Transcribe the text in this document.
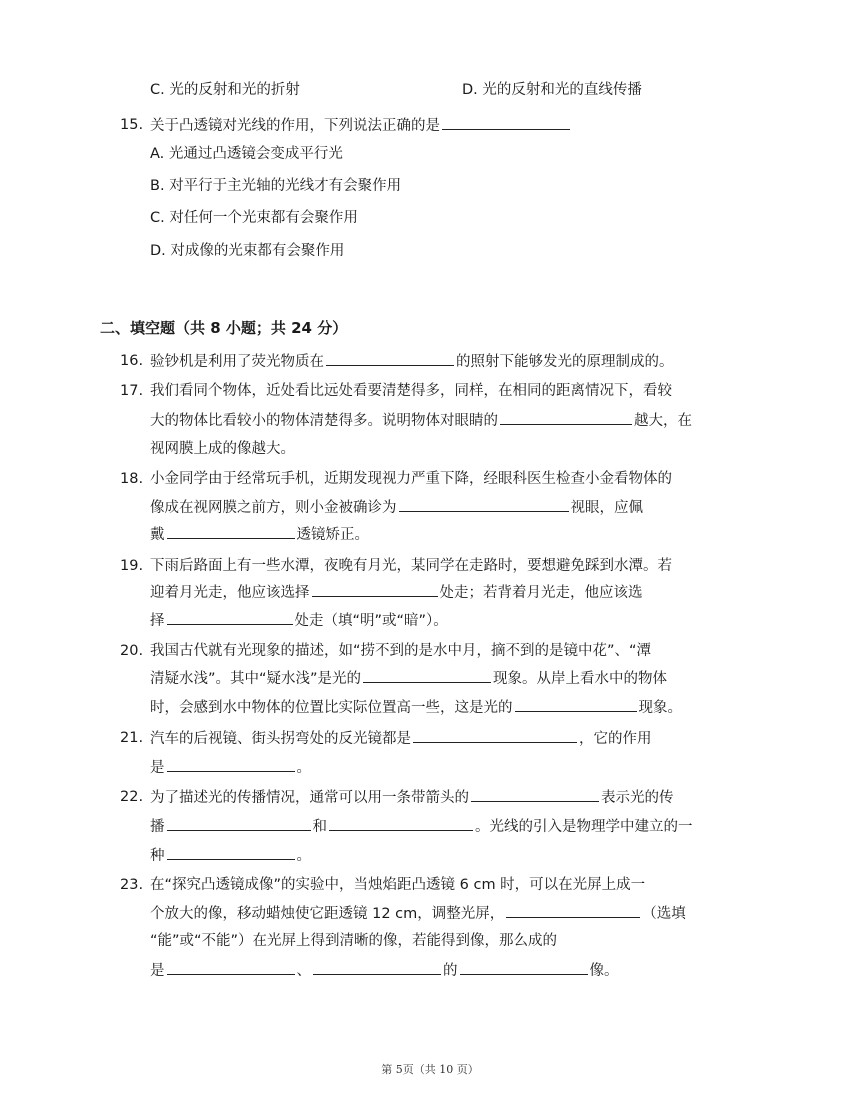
C. 光的反射和光的折射	D. 光的反射和光的直线传播
15. 关于凸透镜对光线的作用，下列说法正确的是
A. 光通过凸透镜会变成平行光
B. 对平行于主光轴的光线才有会聚作用
C. 对任何一个光束都有会聚作用
D. 对成像的光束都有会聚作用
二、填空题（共 8 小题；共 24 分）
16. 验钞机是利用了荧光物质在	的照射下能够发光的原理制成的。
17. 我们看同个物体，近处看比远处看要清楚得多，同样，在相同的距离情况下，看较
大的物体比看较小的物体清楚得多。说明物体对眼睛的	越大，在
视网膜上成的像越大。
18. 小金同学由于经常玩手机，近期发现视力严重下降，经眼科医生检查小金看物体的
像成在视网膜之前方，则小金被确诊为	视眼，应佩
戴	透镜矫正。
19. 下雨后路面上有一些水潭，夜晚有月光，某同学在走路时，要想避免踩到水潭。若
迎着月光走，他应该选择	处走；若背着月光走，他应该选
择	处走（填“明”或“暗”）。
20. 我国古代就有光现象的描述，如“捞不到的是水中月，摘不到的是镜中花”、“潭
清疑水浅”。其中“疑水浅”是光的	现象。从岸上看水中的物体
时，会感到水中物体的位置比实际位置高一些，这是光的	现象。
21. 汽车的后视镜、街头拐弯处的反光镜都是	，它的作用
是	。
22. 为了描述光的传播情况，通常可以用一条带箭头的	表示光的传
播	和	。光线的引入是物理学中建立的一
种	。
23. 在“探究凸透镜成像”的实验中，当烛焰距凸透镜 6 cm 时，可以在光屏上成一
个放大的像，移动蜡烛使它距透镜 12 cm，调整光屏，	（选填
“能”或“不能”）在光屏上得到清晰的像，若能得到像，那么成的
是	、	的	像。
第 5页（共 10 页）
